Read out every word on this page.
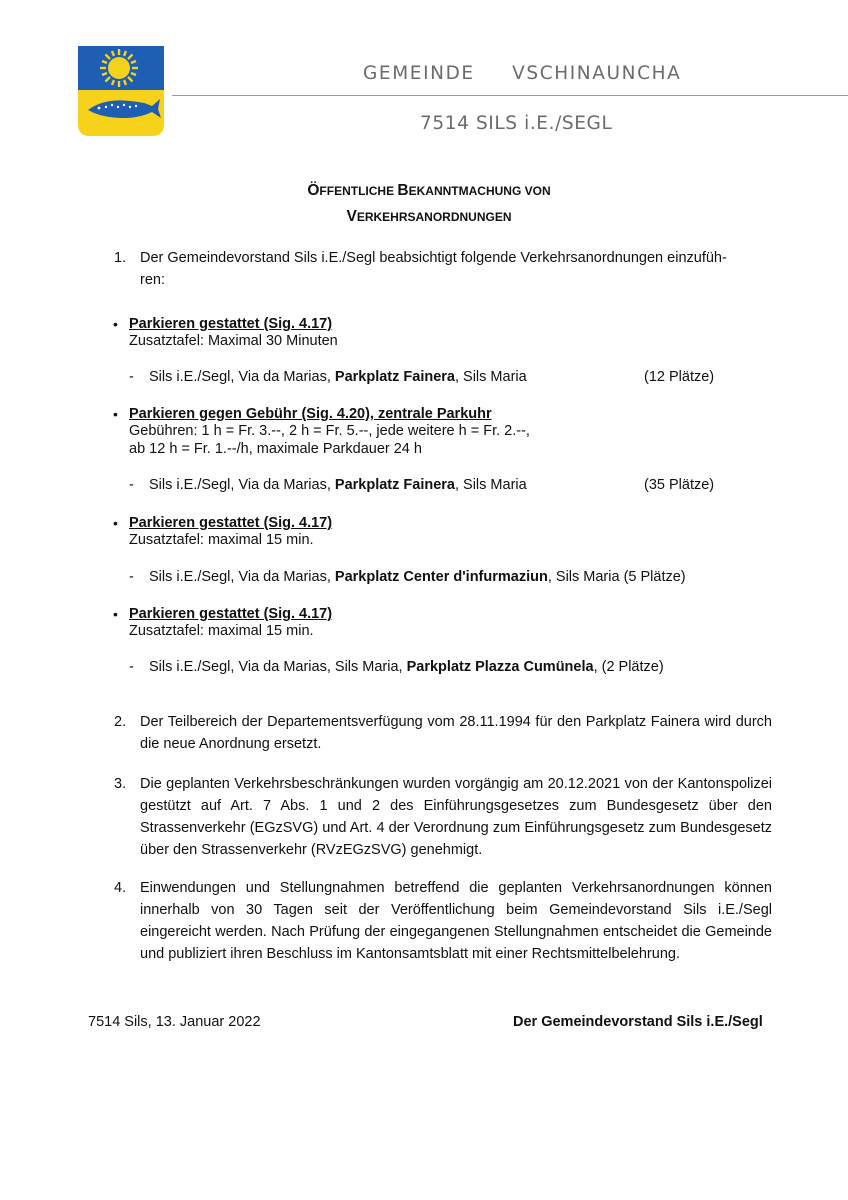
GEMEINDE     VSCHINAUNCHA
7514 SILS i.E./SEGL
ÖFFENTLICHE BEKANNTMACHUNG VON
VERKEHRSANORDNUNGEN
1. Der Gemeindevorstand Sils i.E./Segl beabsichtigt folgende Verkehrsanordnungen einzufüh-
ren:
• Parkieren gestattet (Sig. 4.17)
Zusatztafel: Maximal 30 Minuten
- Sils i.E./Segl, Via da Marias, Parkplatz Fainera, Sils Maria	(12 Plätze)
• Parkieren gegen Gebühr (Sig. 4.20), zentrale Parkuhr
Gebühren: 1 h = Fr. 3.--, 2 h = Fr. 5.--, jede weitere h = Fr. 2.--,
ab 12 h = Fr. 1.--/h, maximale Parkdauer 24 h
- Sils i.E./Segl, Via da Marias, Parkplatz Fainera, Sils Maria	(35 Plätze)
• Parkieren gestattet (Sig. 4.17)
Zusatztafel: maximal 15 min.
- Sils i.E./Segl, Via da Marias, Parkplatz Center d'infurmaziun, Sils Maria (5 Plätze)
• Parkieren gestattet (Sig. 4.17)
Zusatztafel: maximal 15 min.
- Sils i.E./Segl, Via da Marias, Sils Maria, Parkplatz Plazza Cumünela, (2 Plätze)
2. Der Teilbereich der Departementsverfügung vom 28.11.1994 für den Parkplatz Fainera wird durch die neue Anordnung ersetzt.
3. Die geplanten Verkehrsbeschränkungen wurden vorgängig am 20.12.2021 von der Kantonspolizei gestützt auf Art. 7 Abs. 1 und 2 des Einführungsgesetzes zum Bundesgesetz über den Strassenverkehr (EGzSVG) und Art. 4 der Verordnung zum Einführungsgesetz zum Bundesgesetz über den Strassenverkehr (RVzEGzSVG) genehmigt.
4. Einwendungen und Stellungnahmen betreffend die geplanten Verkehrsanordnungen können innerhalb von 30 Tagen seit der Veröffentlichung beim Gemeindevorstand Sils i.E./Segl eingereicht werden. Nach Prüfung der eingegangenen Stellungnahmen entscheidet die Gemeinde und publiziert ihren Beschluss im Kantonsamtsblatt mit einer Rechtsmittelbelehrung.
7514 Sils, 13. Januar 2022	Der Gemeindevorstand Sils i.E./Segl
